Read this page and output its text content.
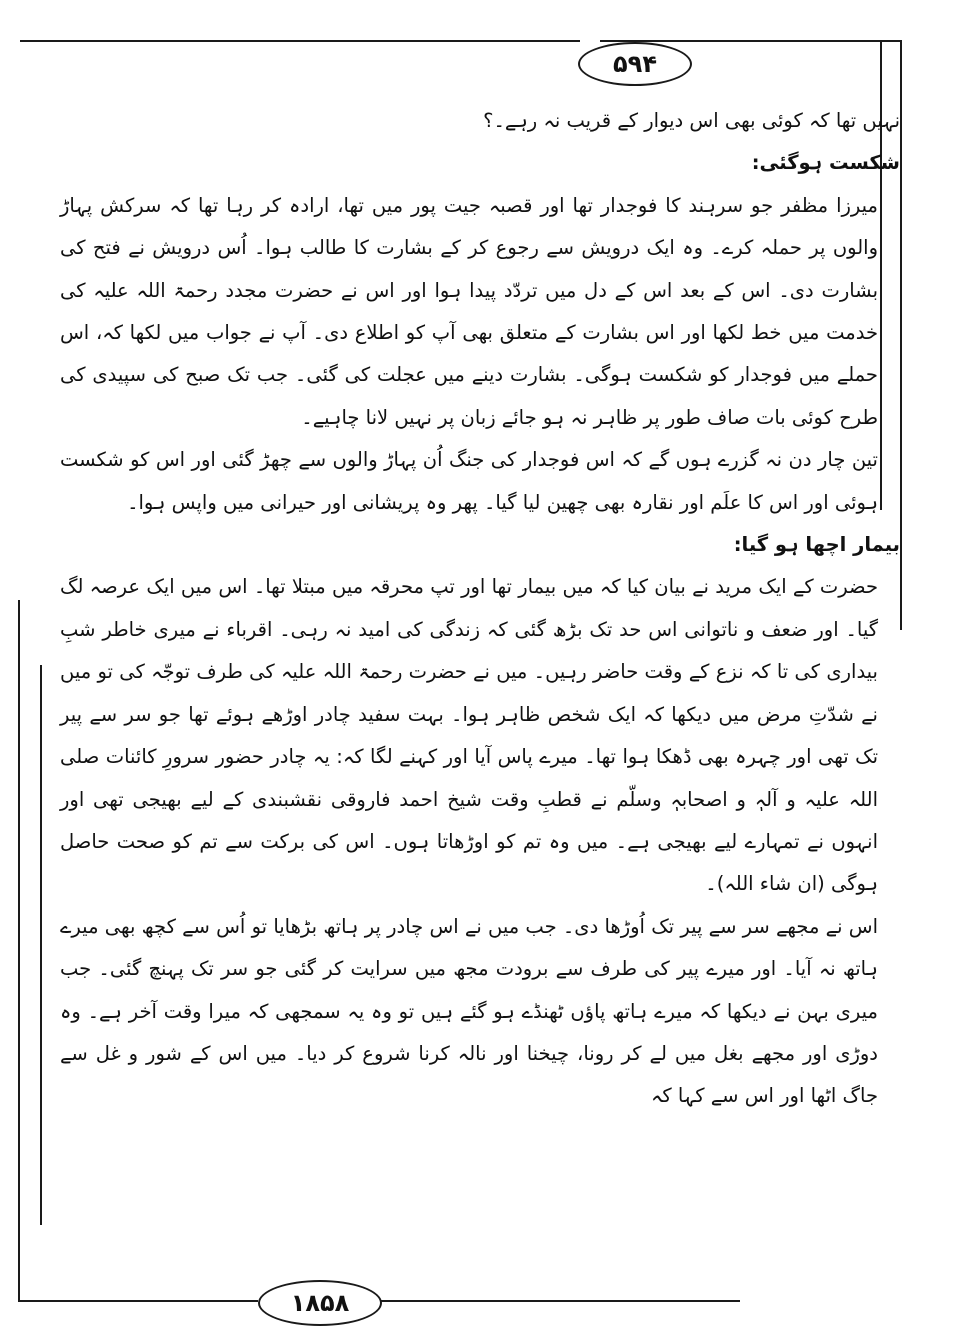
۵۹۴

نہیں تھا کہ کوئی بھی اس دیوار کے قریب نہ رہے۔؟

شکست ہوگئی:

میرزا مظفر جو سرہند کا فوجدار تھا اور قصبہ جیت پور میں تھا، ارادہ کر رہا تھا کہ سرکش پہاڑ والوں پر حملہ کرے۔ وہ ایک درویش سے رجوع کر کے بشارت کا طالب ہوا۔ اُس درویش نے فتح کی بشارت دی۔ اس کے بعد اس کے دل میں تردّد پیدا ہوا اور اس نے حضرت مجدد رحمۃ اللہ علیہ کی خدمت میں خط لکھا اور اس بشارت کے متعلق بھی آپ کو اطلاع دی۔ آپ نے جواب میں لکھا کہ، اس حملے میں فوجدار کو شکست ہوگی۔ بشارت دینے میں عجلت کی گئی۔ جب تک صبح کی سپیدی کی طرح کوئی بات صاف طور پر ظاہر نہ ہو جائے زبان پر نہیں لانا چاہیے۔

تین چار دن نہ گزرے ہوں گے کہ اس فوجدار کی جنگ اُن پہاڑ والوں سے چھڑ گئی اور اس کو شکست ہوئی اور اس کا علَم اور نقارہ بھی چھین لیا گیا۔ پھر وہ پریشانی اور حیرانی میں واپس ہوا۔

بیمار اچھا ہو گیا:

حضرت کے ایک مرید نے بیان کیا کہ میں بیمار تھا اور تپ محرقہ میں مبتلا تھا۔ اس میں ایک عرصہ لگ گیا۔ اور ضعف و ناتوانی اس حد تک بڑھ گئی کہ زندگی کی امید نہ رہی۔ اقرباء نے میری خاطر شبِ بیداری کی تا کہ نزع کے وقت حاضر رہیں۔ میں نے حضرت رحمۃ اللہ علیہ کی طرف توجّہ کی تو میں نے شدّتِ مرض میں دیکھا کہ ایک شخص ظاہر ہوا۔ بہت سفید چادر اوڑھے ہوئے تھا جو سر سے پیر تک تھی اور چہرہ بھی ڈھکا ہوا تھا۔ میرے پاس آیا اور کہنے لگا کہ: یہ چادر حضور سرورِ کائنات صلی اللہ علیہ و آلہٖ و اصحابہٖ وسلّم نے قطبِ وقت شیخ احمد فاروقی نقشبندی کے لیے بھیجی تھی اور انہوں نے تمہارے لیے بھیجی ہے۔ میں وہ تم کو اوڑھاتا ہوں۔ اس کی برکت سے تم کو صحت حاصل ہوگی (ان شاء اللہ)۔

اس نے مجھے سر سے پیر تک اُوڑھا دی۔ جب میں نے اس چادر پر ہاتھ بڑھایا تو اُس سے کچھ بھی میرے ہاتھ نہ آیا۔ اور میرے پیر کی طرف سے برودت مجھ میں سرایت کر گئی جو سر تک پہنچ گئی۔ جب میری بہن نے دیکھا کہ میرے ہاتھ پاؤں ٹھنڈے ہو گئے ہیں تو وہ یہ سمجھی کہ میرا وقت آخر ہے۔ وہ دوڑی اور مجھے بغل میں لے کر رونا، چیخنا اور نالہ کرنا شروع کر دیا۔ میں اس کے شور و غل سے جاگ اٹھا اور اس سے کہا کہ

۱۸۵۸
